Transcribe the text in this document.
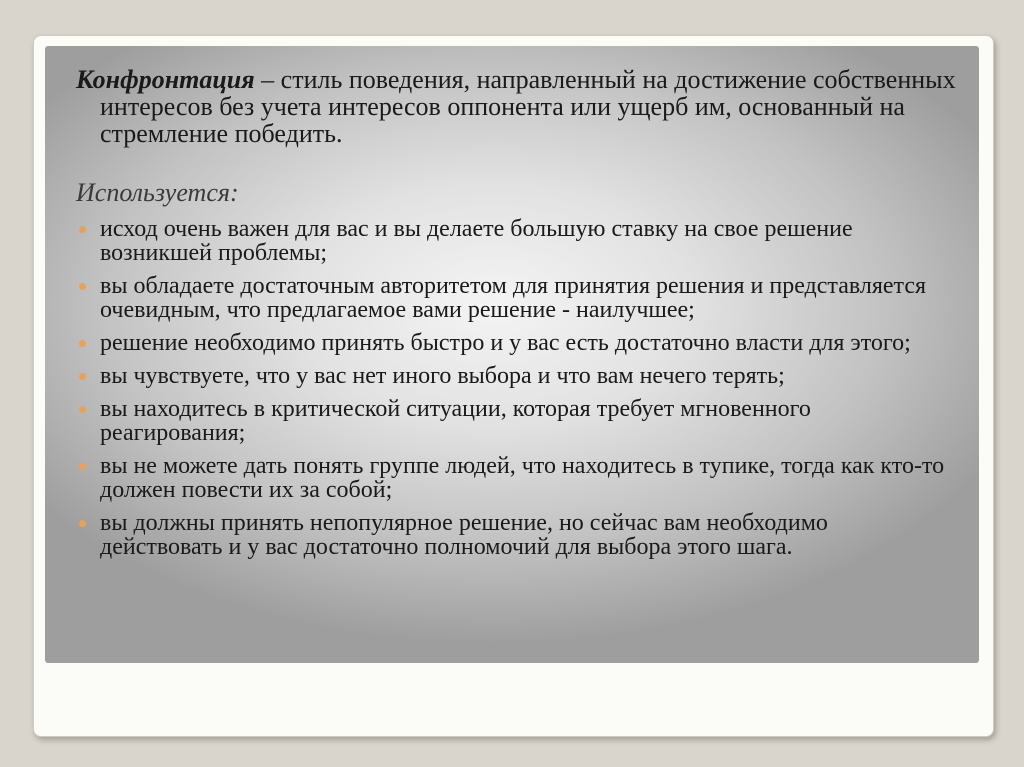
Конфронтация – стиль поведения, направленный на достижение собственных интересов без учета интересов оппонента или ущерб им, основанный на стремление победить.

Используется:
исход очень важен для вас и вы делаете большую ставку на свое решение возникшей проблемы;
вы обладаете достаточным авторитетом для принятия решения и представляется очевидным, что предлагаемое вами решение - наилучшее;
решение необходимо принять быстро и у вас есть достаточно власти для этого;
вы чувствуете, что у вас нет иного выбора и что вам нечего терять;
вы находитесь в критической ситуации, которая требует мгновенного реагирования;
вы не можете дать понять группе людей, что находитесь в тупике, тогда как кто-то должен повести их за собой;
вы должны принять непопулярное решение, но сейчас вам необходимо действовать и у вас достаточно полномочий для выбора этого шага.
